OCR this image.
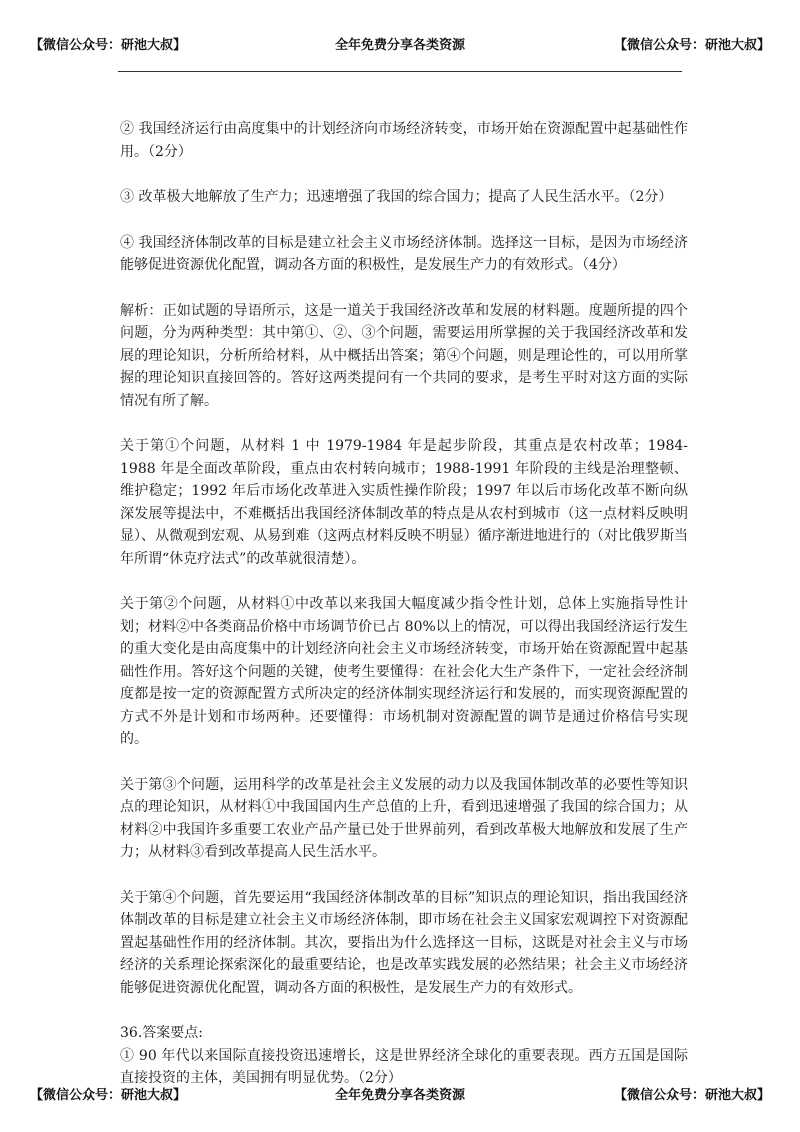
【微信公众号：研池大叔】	全年免费分享各类资源	【微信公众号：研池大叔】

② 我国经济运行由高度集中的计划经济向市场经济转变，市场开始在资源配置中起基础性作用。（2分）

③ 改革极大地解放了生产力；迅速增强了我国的综合国力；提高了人民生活水平。（2分）

④ 我国经济体制改革的目标是建立社会主义市场经济体制。选择这一目标，是因为市场经济能够促进资源优化配置，调动各方面的积极性，是发展生产力的有效形式。（4分）

解析：正如试题的导语所示，这是一道关于我国经济改革和发展的材料题。度题所提的四个问题，分为两种类型：其中第①、②、③个问题，需要运用所掌握的关于我国经济改革和发展的理论知识，分析所给材料，从中概括出答案；第④个问题，则是理论性的，可以用所掌握的理论知识直接回答的。答好这两类提问有一个共同的要求，是考生平时对这方面的实际情况有所了解。

关于第①个问题，从材料 1 中 1979-1984 年是起步阶段，其重点是农村改革；1984-1988 年是全面改革阶段，重点由农村转向城市；1988-1991 年阶段的主线是治理整顿、维护稳定；1992 年后市场化改革进入实质性操作阶段；1997 年以后市场化改革不断向纵深发展等提法中，不难概括出我国经济体制改革的特点是从农村到城市（这一点材料反映明显）、从微观到宏观、从易到难（这两点材料反映不明显）循序渐进地进行的（对比俄罗斯当年所谓“休克疗法式”的改革就很清楚）。

关于第②个问题，从材料①中改革以来我国大幅度减少指令性计划，总体上实施指导性计划；材料②中各类商品价格中市场调节价已占 80%以上的情况，可以得出我国经济运行发生的重大变化是由高度集中的计划经济向社会主义市场经济转变，市场开始在资源配置中起基础性作用。答好这个问题的关键，使考生要懂得：在社会化大生产条件下，一定社会经济制度都是按一定的资源配置方式所决定的经济体制实现经济运行和发展的，而实现资源配置的方式不外是计划和市场两种。还要懂得：市场机制对资源配置的调节是通过价格信号实现的。

关于第③个问题，运用科学的改革是社会主义发展的动力以及我国体制改革的必要性等知识点的理论知识，从材料①中我国国内生产总值的上升，看到迅速增强了我国的综合国力；从材料②中我国许多重要工农业产品产量已处于世界前列，看到改革极大地解放和发展了生产力；从材料③看到改革提高人民生活水平。

关于第④个问题，首先要运用“我国经济体制改革的目标”知识点的理论知识，指出我国经济体制改革的目标是建立社会主义市场经济体制，即市场在社会主义国家宏观调控下对资源配置起基础性作用的经济体制。其次，要指出为什么选择这一目标，这既是对社会主义与市场经济的关系理论探索深化的最重要结论，也是改革实践发展的必然结果；社会主义市场经济能够促进资源优化配置，调动各方面的积极性，是发展生产力的有效形式。

36.答案要点:

① 90 年代以来国际直接投资迅速增长，这是世界经济全球化的重要表现。西方五国是国际直接投资的主体，美国拥有明显优势。（2分）

【微信公众号：研池大叔】	全年免费分享各类资源	【微信公众号：研池大叔】
